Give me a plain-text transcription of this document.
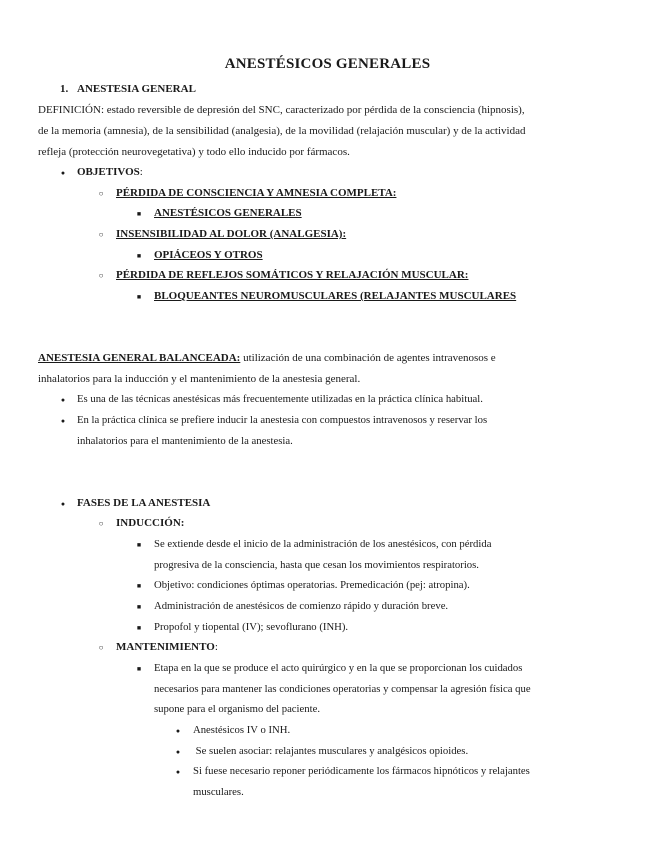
ANESTÉSICOS GENERALES
1. ANESTESIA GENERAL
DEFINICIÓN: estado reversible de depresión del SNC, caracterizado por pérdida de la consciencia (hipnosis),
de la memoria (amnesia), de la sensibilidad (analgesia), de la movilidad (relajación muscular) y de la actividad
refleja (protección neurovegetativa) y todo ello inducido por fármacos.
●
OBJETIVOS:
○
PÉRDIDA DE CONSCIENCIA Y AMNESIA COMPLETA:
■
ANESTÉSICOS GENERALES
○
INSENSIBILIDAD AL DOLOR (ANALGESIA):
■
OPIÁCEOS Y OTROS
○
PÉRDIDA DE REFLEJOS SOMÁTICOS Y RELAJACIÓN MUSCULAR:
■
BLOQUEANTES NEUROMUSCULARES (RELAJANTES MUSCULARES
ANESTESIA GENERAL BALANCEADA: utilización de una combinación de agentes intravenosos e
inhalatorios para la inducción y el mantenimiento de la anestesia general.
●
Es una de las técnicas anestésicas más frecuentemente utilizadas en la práctica clínica habitual.
●
En la práctica clínica se prefiere inducir la anestesia con compuestos intravenosos y reservar los
inhalatorios para el mantenimiento de la anestesia.
●
FASES DE LA ANESTESIA
○
INDUCCIÓN:
■
Se extiende desde el inicio de la administración de los anestésicos, con pérdida
progresiva de la consciencia, hasta que cesan los movimientos respiratorios.
■
Objetivo: condiciones óptimas operatorias. Premedicación (pej: atropina).
■
Administración de anestésicos de comienzo rápido y duración breve.
■
Propofol y tiopental (IV); sevoflurano (INH).
○
MANTENIMIENTO:
■
Etapa en la que se produce el acto quirúrgico y en la que se proporcionan los cuidados
necesarios para mantener las condiciones operatorias y compensar la agresión física que
supone para el organismo del paciente.
●
Anestésicos IV o INH.
●
Se suelen asociar: relajantes musculares y analgésicos opioides.
●
Si fuese necesario reponer periódicamente los fármacos hipnóticos y relajantes
musculares.
